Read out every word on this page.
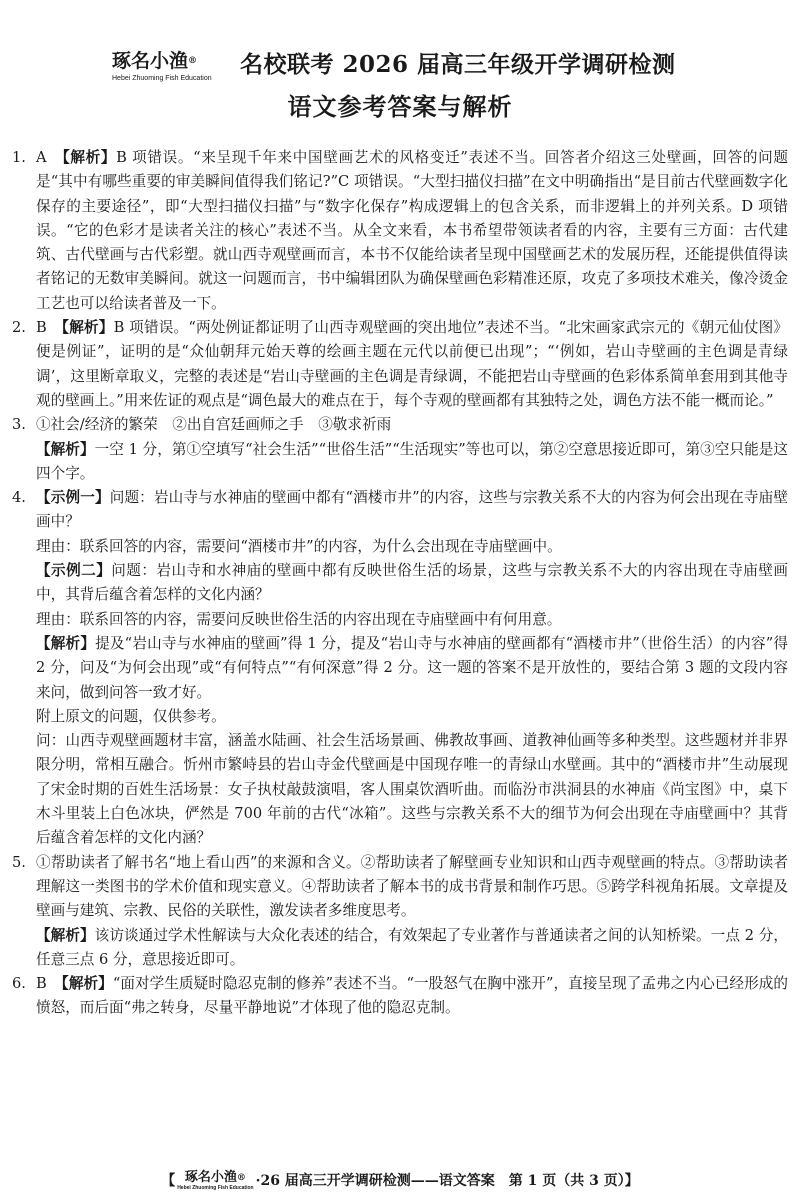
琢名小渔®
Hebei Zhuoming Fish Education
名校联考 2026 届高三年级开学调研检测
语文参考答案与解析
1. A　 【解析】B 项错误。“来呈现千年来中国壁画艺术的风格变迁”表述不当。回答者介绍这三处壁画，回答的问题是“其中有哪些重要的审美瞬间值得我们铭记?”C 项错误。“大型扫描仪扫描”在文中明确指出“是目前古代壁画数字化保存的主要途径”，即“大型扫描仪扫描”与“数字化保存”构成逻辑上的包含关系，而非逻辑上的并列关系。D 项错误。“它的色彩才是读者关注的核心”表述不当。从全文来看，本书希望带领读者看的内容，主要有三方面：古代建筑、古代壁画与古代彩塑。就山西寺观壁画而言，本书不仅能给读者呈现中国壁画艺术的发展历程，还能提供值得读者铭记的无数审美瞬间。就这一问题而言，书中编辑团队为确保壁画色彩精准还原，攻克了多项技术难关，像冷烫金工艺也可以给读者普及一下。

2. B　 【解析】B 项错误。“两处例证都证明了山西寺观壁画的突出地位”表述不当。“北宋画家武宗元的《朝元仙仗图》便是例证”，证明的是“众仙朝拜元始天尊的绘画主题在元代以前便已出现”；“‘例如，岩山寺壁画的主色调是青绿调’，这里断章取义，完整的表述是“岩山寺壁画的主色调是青绿调，不能把岩山寺壁画的色彩体系简单套用到其他寺观的壁画上。”用来佐证的观点是“调色最大的难点在于，每个寺观的壁画都有其独特之处，调色方法不能一概而论。”

3. ①社会/经济的繁荣　②出自宫廷画师之手　③敬求祈雨

【解析】一空 1 分，第①空填写“社会生活”“世俗生活”“生活现实”等也可以，第②空意思接近即可，第③空只能是这四个字。

4. 【示例一】问题：岩山寺与水神庙的壁画中都有“酒楼市井”的内容，这些与宗教关系不大的内容为何会出现在寺庙壁画中？

理由：联系回答的内容，需要问“酒楼市井”的内容，为什么会出现在寺庙壁画中。

【示例二】问题：岩山寺和水神庙的壁画中都有反映世俗生活的场景，这些与宗教关系不大的内容出现在寺庙壁画中，其背后蕴含着怎样的文化内涵？

理由：联系回答的内容，需要问反映世俗生活的内容出现在寺庙壁画中有何用意。

【解析】提及“岩山寺与水神庙的壁画”得 1 分，提及“岩山寺与水神庙的壁画都有“酒楼市井”（世俗生活）的内容”得 2 分，问及“为何会出现”或“有何特点”“有何深意”得 2 分。这一题的答案不是开放性的，要结合第 3 题的文段内容来问，做到问答一致才好。

附上原文的问题，仅供参考。

问：山西寺观壁画题材丰富，涵盖水陆画、社会生活场景画、佛教故事画、道教神仙画等多种类型。这些题材并非界限分明，常相互融合。忻州市繁峙县的岩山寺金代壁画是中国现存唯一的青绿山水壁画。其中的“酒楼市井”生动展现了宋金时期的百姓生活场景：女子执杖敲鼓演唱，客人围桌饮酒听曲。而临汾市洪洞县的水神庙《尚宝图》中，桌下木斗里装上白色冰块，俨然是 700 年前的古代“冰箱”。这些与宗教关系不大的细节为何会出现在寺庙壁画中？其背后蕴含着怎样的文化内涵？

5. ①帮助读者了解书名“地上看山西”的来源和含义。②帮助读者了解壁画专业知识和山西寺观壁画的特点。③帮助读者理解这一类图书的学术价值和现实意义。④帮助读者了解本书的成书背景和制作巧思。⑤跨学科视角拓展。文章提及壁画与建筑、宗教、民俗的关联性，激发读者多维度思考。

【解析】该访谈通过学术性解读与大众化表述的结合，有效架起了专业著作与普通读者之间的认知桥梁。一点 2 分，任意三点 6 分，意思接近即可。

6. B　 【解析】“面对学生质疑时隐忍克制的修养”表述不当。“一股怒气在胸中涨开”，直接呈现了孟弗之内心已经形成的愤怒，而后面“弗之转身，尽量平静地说”才体现了他的隐忍克制。

【 琢名小渔®
Hebei Zhuoming Fish Education ·26 届高三开学调研检测——语文答案　第 1 页（共 3 页）】
